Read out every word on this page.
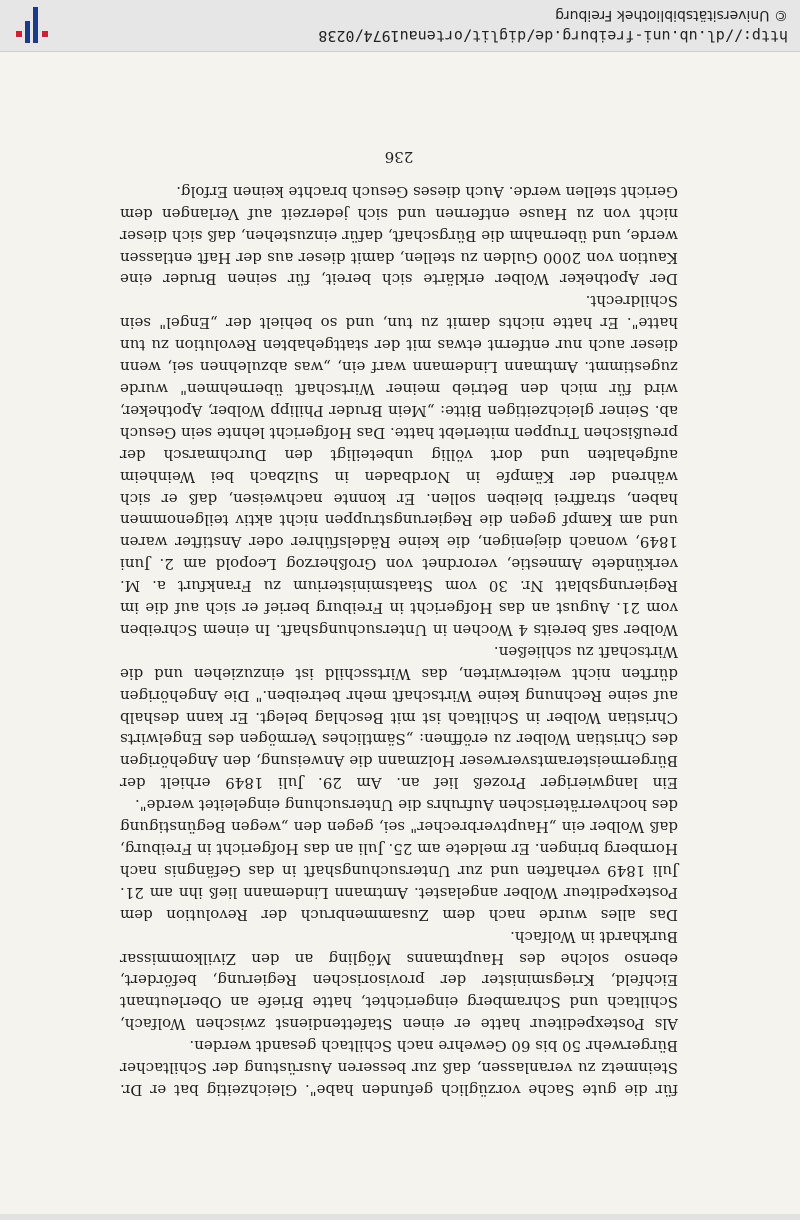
für die gute Sache vorzüglich gefunden habe". Gleichzeitig bat er Dr. Steinmetz zu veranlassen, daß zur besseren Ausrüstung der Schiltacher Bürgerwehr 50 bis 60 Gewehre nach Schiltach gesandt werden.

Als Postexpediteur hatte er einen Stafettendienst zwischen Wolfach, Schiltach und Schramberg eingerichtet, hatte Briefe an Oberleutnant Eichfeld, Kriegsminister der provisorischen Regierung, befördert, ebenso solche des Hauptmanns Mögling an den Zivilkommissar Burkhardt in Wolfach.

Das alles wurde nach dem Zusammenbruch der Revolution dem Postexpediteur Wolber angelastet. Amtmann Lindemann ließ ihn am 21. Juli 1849 verhaften und zur Untersuchungshaft in das Gefängnis nach Hornberg bringen. Er meldete am 25. Juli an das Hofgericht in Freiburg, daß Wolber ein „Hauptverbrecher" sei, gegen den „wegen Begünstigung des hochverräterischen Aufruhrs die Untersuchung eingeleitet werde".

Ein langwieriger Prozeß lief an. Am 29. Juli 1849 erhielt der Bürgermeisteramtsverweser Holzmann die Anweisung, den Angehörigen des Christian Wolber zu eröffnen: „Sämtliches Vermögen des Engelwirts Christian Wolber in Schiltach ist mit Beschlag belegt. Er kann deshalb auf seine Rechnung keine Wirtschaft mehr betreiben." Die Angehörigen dürften nicht weiterwirten, das Wirtsschild ist einzuziehen und die Wirtschaft zu schließen.

Wolber saß bereits 4 Wochen in Untersuchungshaft. In einem Schreiben vom 21. August an das Hofgericht in Freiburg berief er sich auf die im Regierungsblatt Nr. 30 vom Staatsministerium zu Frankfurt a. M. verkündete Amnestie, verordnet von Großherzog Leopold am 2. Juni 1849, wonach diejenigen, die keine Rädelsführer oder Anstifter waren und am Kampf gegen die Regierungstruppen nicht aktiv teilgenommen haben, straffrei bleiben sollen. Er konnte nachweisen, daß er sich während der Kämpfe in Nordbaden in Sulzbach bei Weinheim aufgehalten und dort völlig unbeteiligt den Durchmarsch der preußischen Truppen miterlebt hatte. Das Hofgericht lehnte sein Gesuch ab. Seiner gleichzeitigen Bitte: „Mein Bruder Philipp Wolber, Apotheker, wird für mich den Betrieb meiner Wirtschaft übernehmen" wurde zugestimmt. Amtmann Lindemann warf ein, „was abzulehnen sei, wenn dieser auch nur entfernt etwas mit der stattgehabten Revolution zu tun hatte". Er hatte nichts damit zu tun, und so behielt der „Engel" sein Schildrecht.

Der Apotheker Wolber erklärte sich bereit, für seinen Bruder eine Kaution von 2000 Gulden zu stellen, damit dieser aus der Haft entlassen werde, und übernahm die Bürgschaft, dafür einzustehen, daß sich dieser nicht von zu Hause entfernen und sich jederzeit auf Verlangen dem Gericht stellen werde. Auch dieses Gesuch brachte keinen Erfolg.

236
http://dl.ub.uni-freiburg.de/diglit/ortenau1974/0238
© Universitätsbibliothek Freiburg
